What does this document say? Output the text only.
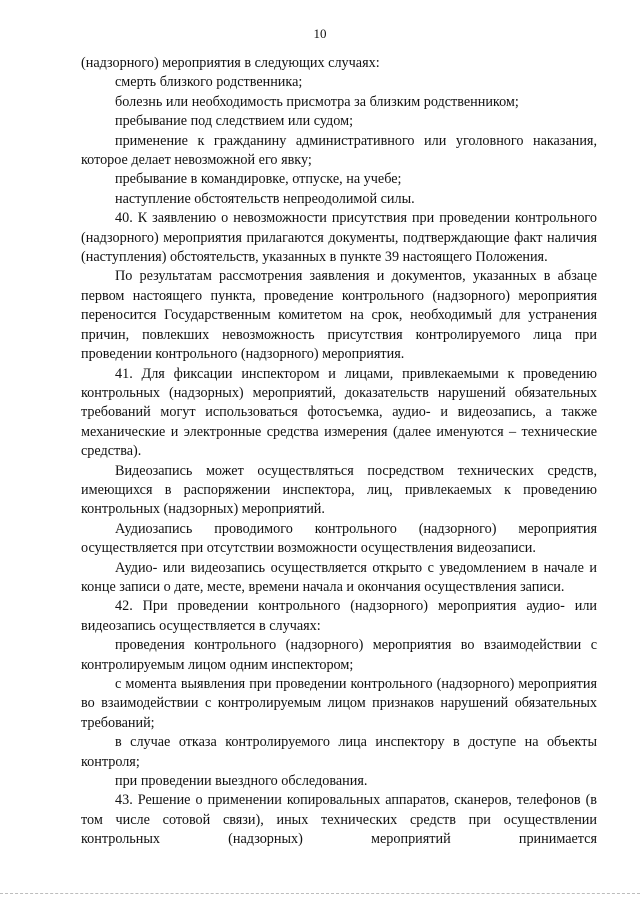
10

(надзорного) мероприятия в следующих случаях:

смерть близкого родственника;

болезнь или необходимость присмотра за близким родственником;

пребывание под следствием или судом;

применение к гражданину административного или уголовного наказания, которое делает невозможной его явку;

пребывание в командировке, отпуске, на учебе;

наступление обстоятельств непреодолимой силы.

40. К заявлению о невозможности присутствия при проведении контрольного (надзорного) мероприятия прилагаются документы, подтверждающие факт наличия (наступления) обстоятельств, указанных в пункте 39 настоящего Положения.

По результатам рассмотрения заявления и документов, указанных в абзаце первом настоящего пункта, проведение контрольного (надзорного) мероприятия переносится Государственным комитетом на срок, необходимый для устранения причин, повлекших невозможность присутствия контролируемого лица при проведении контрольного (надзорного) мероприятия.

41. Для фиксации инспектором и лицами, привлекаемыми к проведению контрольных (надзорных) мероприятий, доказательств нарушений обязательных требований могут использоваться фотосъемка, аудио- и видеозапись, а также механические и электронные средства измерения (далее именуются – технические средства).

Видеозапись может осуществляться посредством технических средств, имеющихся в распоряжении инспектора, лиц, привлекаемых к проведению контрольных (надзорных) мероприятий.

Аудиозапись проводимого контрольного (надзорного) мероприятия осуществляется при отсутствии возможности осуществления видеозаписи.

Аудио- или видеозапись осуществляется открыто с уведомлением в начале и конце записи о дате, месте, времени начала и окончания осуществления записи.

42. При проведении контрольного (надзорного) мероприятия аудио- или видеозапись осуществляется в случаях:

проведения контрольного (надзорного) мероприятия во взаимодействии с контролируемым лицом одним инспектором;

с момента выявления при проведении контрольного (надзорного) мероприятия во взаимодействии с контролируемым лицом признаков нарушений обязательных требований;

в случае отказа контролируемого лица инспектору в доступе на объекты контроля;

при проведении выездного обследования.

43. Решение о применении копировальных аппаратов, сканеров, телефонов (в том числе сотовой связи), иных технических средств при осуществлении контрольных (надзорных) мероприятий принимается
